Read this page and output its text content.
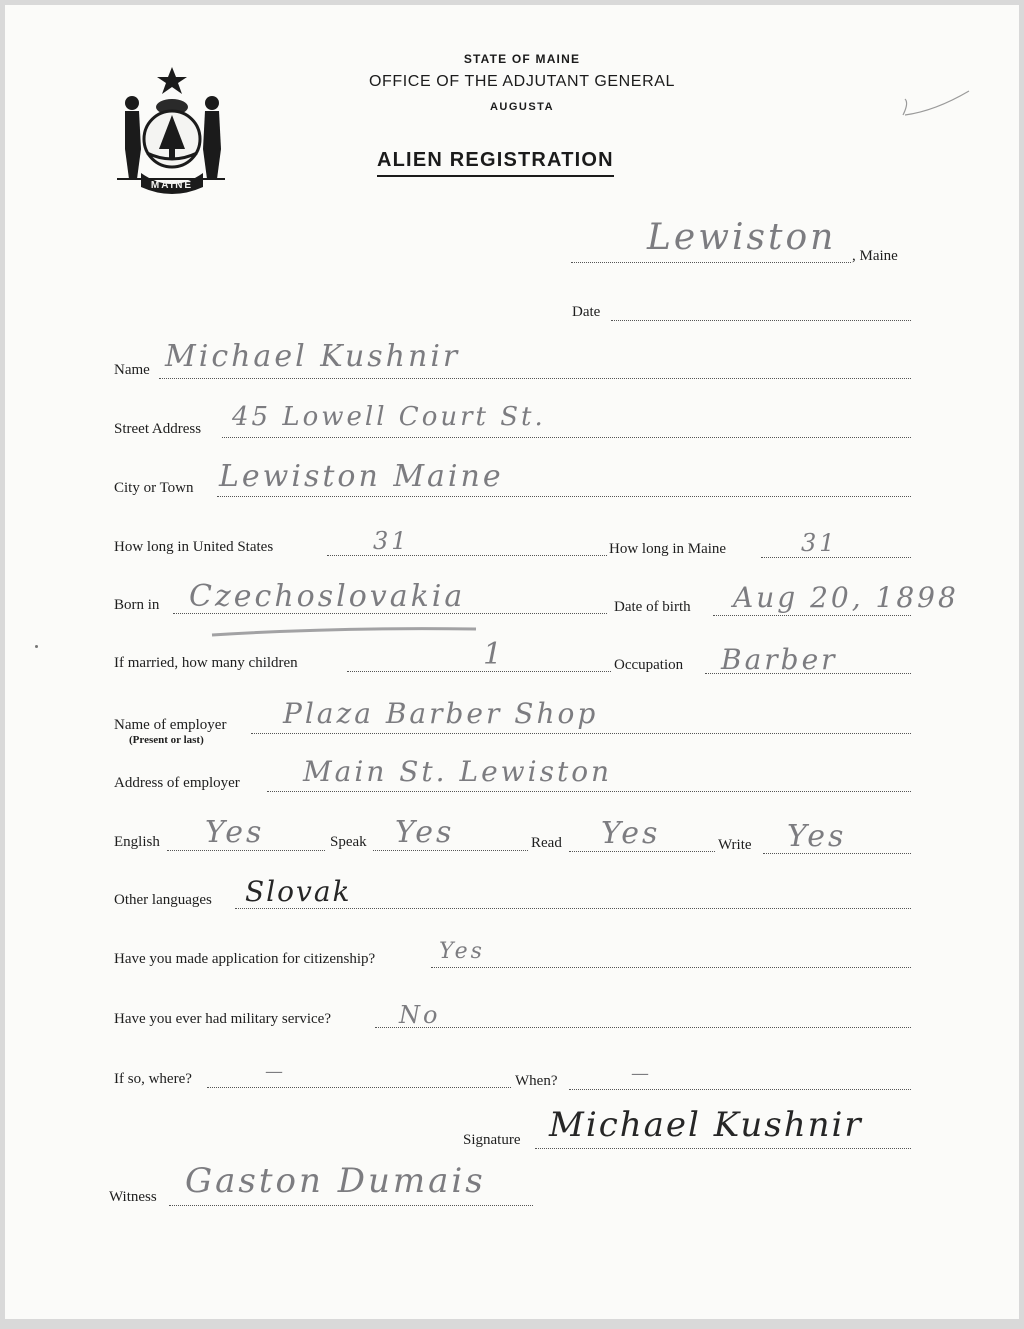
MAINE
STATE OF MAINE
OFFICE OF THE ADJUTANT GENERAL
AUGUSTA
ALIEN REGISTRATION
Lewiston , Maine
Date
Name Michael Kushnir
Street Address 45 Lowell Court St.
City or Town Lewiston Maine
How long in United States	31	How long in Maine	31
Born in Czechoslovakia	Date of birth Aug 20, 1898
If married, how many children	1	Occupation Barber
Name of employer
(Present or last)
Plaza Barber Shop
Address of employer Main St. Lewiston
English Yes	Speak Yes	Read Yes	Write Yes
Other languages Slovak
Have you made application for citizenship?	Yes
Have you ever had military service?	No
If so, where?	—	When?	—
Signature Michael Kushnir
Witness Gaston Dumais
